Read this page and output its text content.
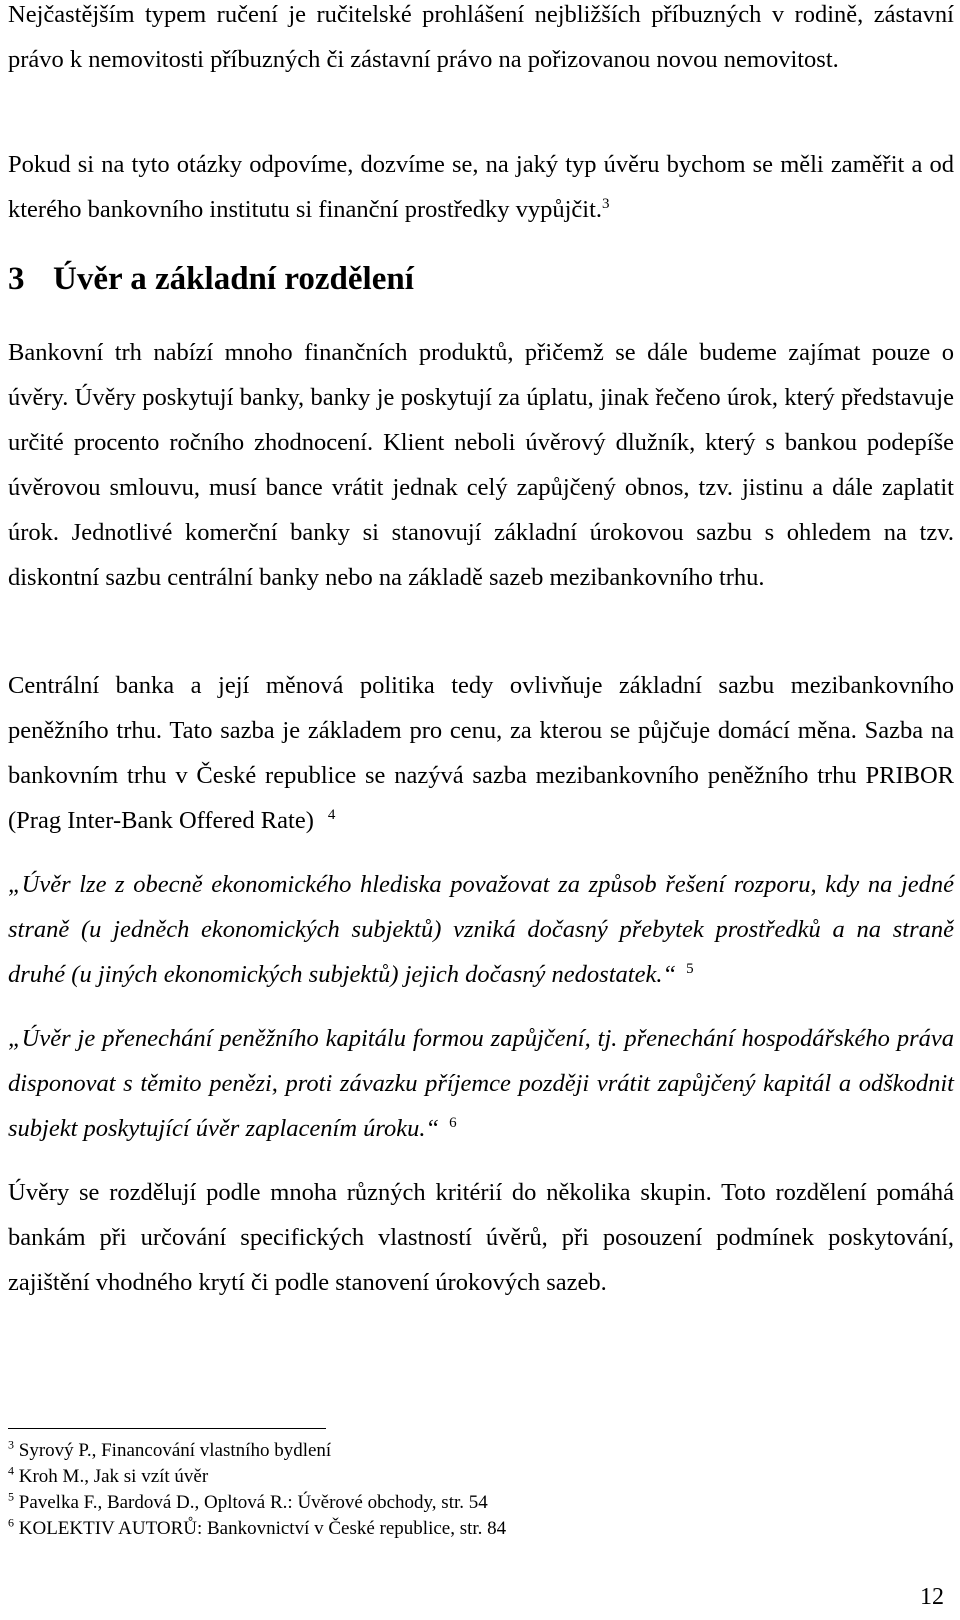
Nejčastějším typem ručení je ručitelské prohlášení nejbližších příbuzných v rodině, zástavní právo k nemovitosti příbuzných či zástavní právo na pořizovanou novou nemovitost.

Pokud si na tyto otázky odpovíme, dozvíme se, na jaký typ úvěru bychom se měli zaměřit a od kterého bankovního institutu si finanční prostředky vypůjčit.$^3$

3 Úvěr a základní rozdělení

Bankovní trh nabízí mnoho finančních produktů, přičemž se dále budeme zajímat pouze o úvěry. Úvěry poskytují banky, banky je poskytují za úplatu, jinak řečeno úrok, který představuje určité procento ročního zhodnocení. Klient neboli úvěrový dlužník, který s bankou podepíše úvěrovou smlouvu, musí bance vrátit jednak celý zapůjčený obnos, tzv. jistinu a dále zaplatit úrok. Jednotlivé komerční banky si stanovují základní úrokovou sazbu s ohledem na tzv. diskontní sazbu centrální banky nebo na základě sazeb mezibankovního trhu.

Centrální banka a její měnová politika tedy ovlivňuje základní sazbu mezibankovního peněžního trhu. Tato sazba je základem pro cenu, za kterou se půjčuje domácí měna. Sazba na bankovním trhu v České republice se nazývá sazba mezibankovního peněžního trhu PRIBOR (Prag Inter-Bank Offered Rate) $^4$

„Úvěr lze z obecně ekonomického hlediska považovat za způsob řešení rozporu, kdy na jedné straně (u jedněch ekonomických subjektů) vzniká dočasný přebytek prostředků a na straně druhé (u jiných ekonomických subjektů) jejich dočasný nedostatek.“ $^5$

„Úvěr je přenechání peněžního kapitálu formou zapůjčení, tj. přenechání hospodářského práva disponovat s těmito penězi, proti závazku příjemce později vrátit zapůjčený kapitál a odškodnit subjekt poskytující úvěr zaplacením úroku.“ $^6$

Úvěry se rozdělují podle mnoha různých kritérií do několika skupin. Toto rozdělení pomáhá bankám při určování specifických vlastností úvěrů, při posouzení podmínek poskytování, zajištění vhodného krytí či podle stanovení úrokových sazeb.

$^3$ Syrový P., Financování vlastního bydlení

$^4$ Kroh M., Jak si vzít úvěr

$^5$ Pavelka F., Bardová D., Opltová R.: Úvěrové obchody, str. 54

$^6$ KOLEKTIV AUTORŮ: Bankovnictví v České republice, str. 84

12
